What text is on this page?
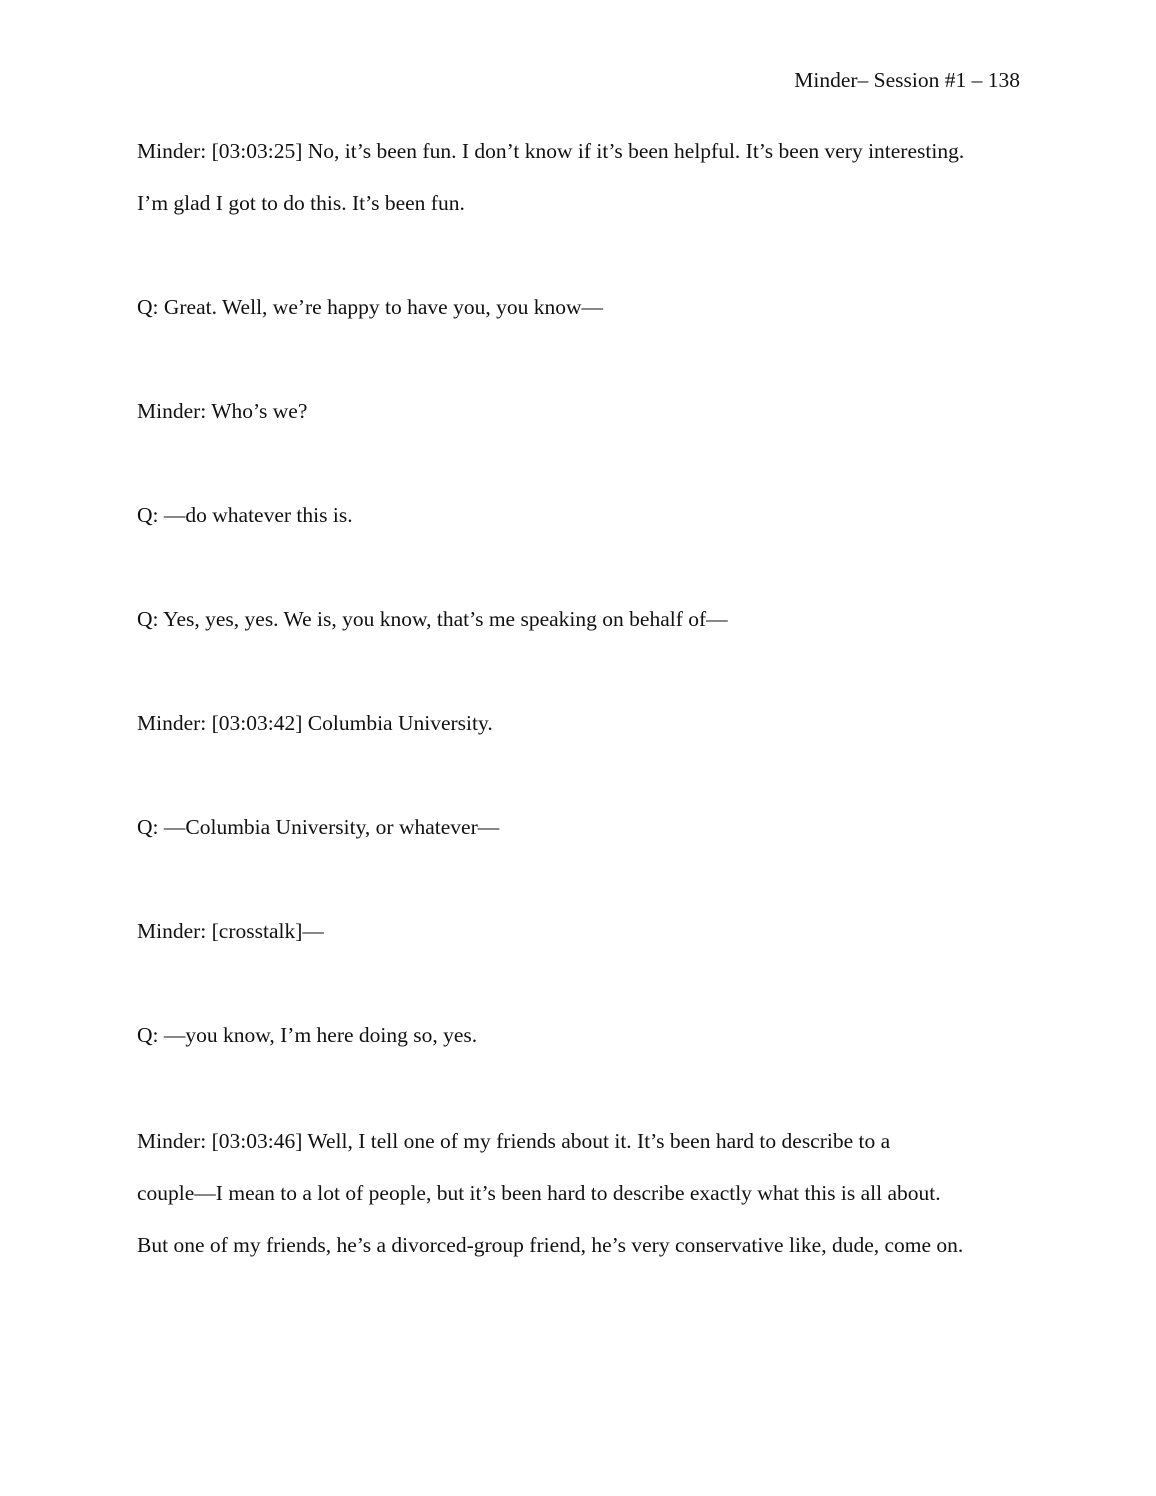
Minder– Session #1 – 138
Minder: [03:03:25] No, it’s been fun. I don’t know if it’s been helpful. It’s been very interesting.
I’m glad I got to do this. It’s been fun.
Q: Great. Well, we’re happy to have you, you know—
Minder: Who’s we?
Q: —do whatever this is.
Q: Yes, yes, yes. We is, you know, that’s me speaking on behalf of—
Minder: [03:03:42] Columbia University.
Q: —Columbia University, or whatever—
Minder: [crosstalk]—
Q: —you know, I’m here doing so, yes.
Minder: [03:03:46] Well, I tell one of my friends about it. It’s been hard to describe to a
couple—I mean to a lot of people, but it’s been hard to describe exactly what this is all about.
But one of my friends, he’s a divorced-group friend, he’s very conservative like, dude, come on.
